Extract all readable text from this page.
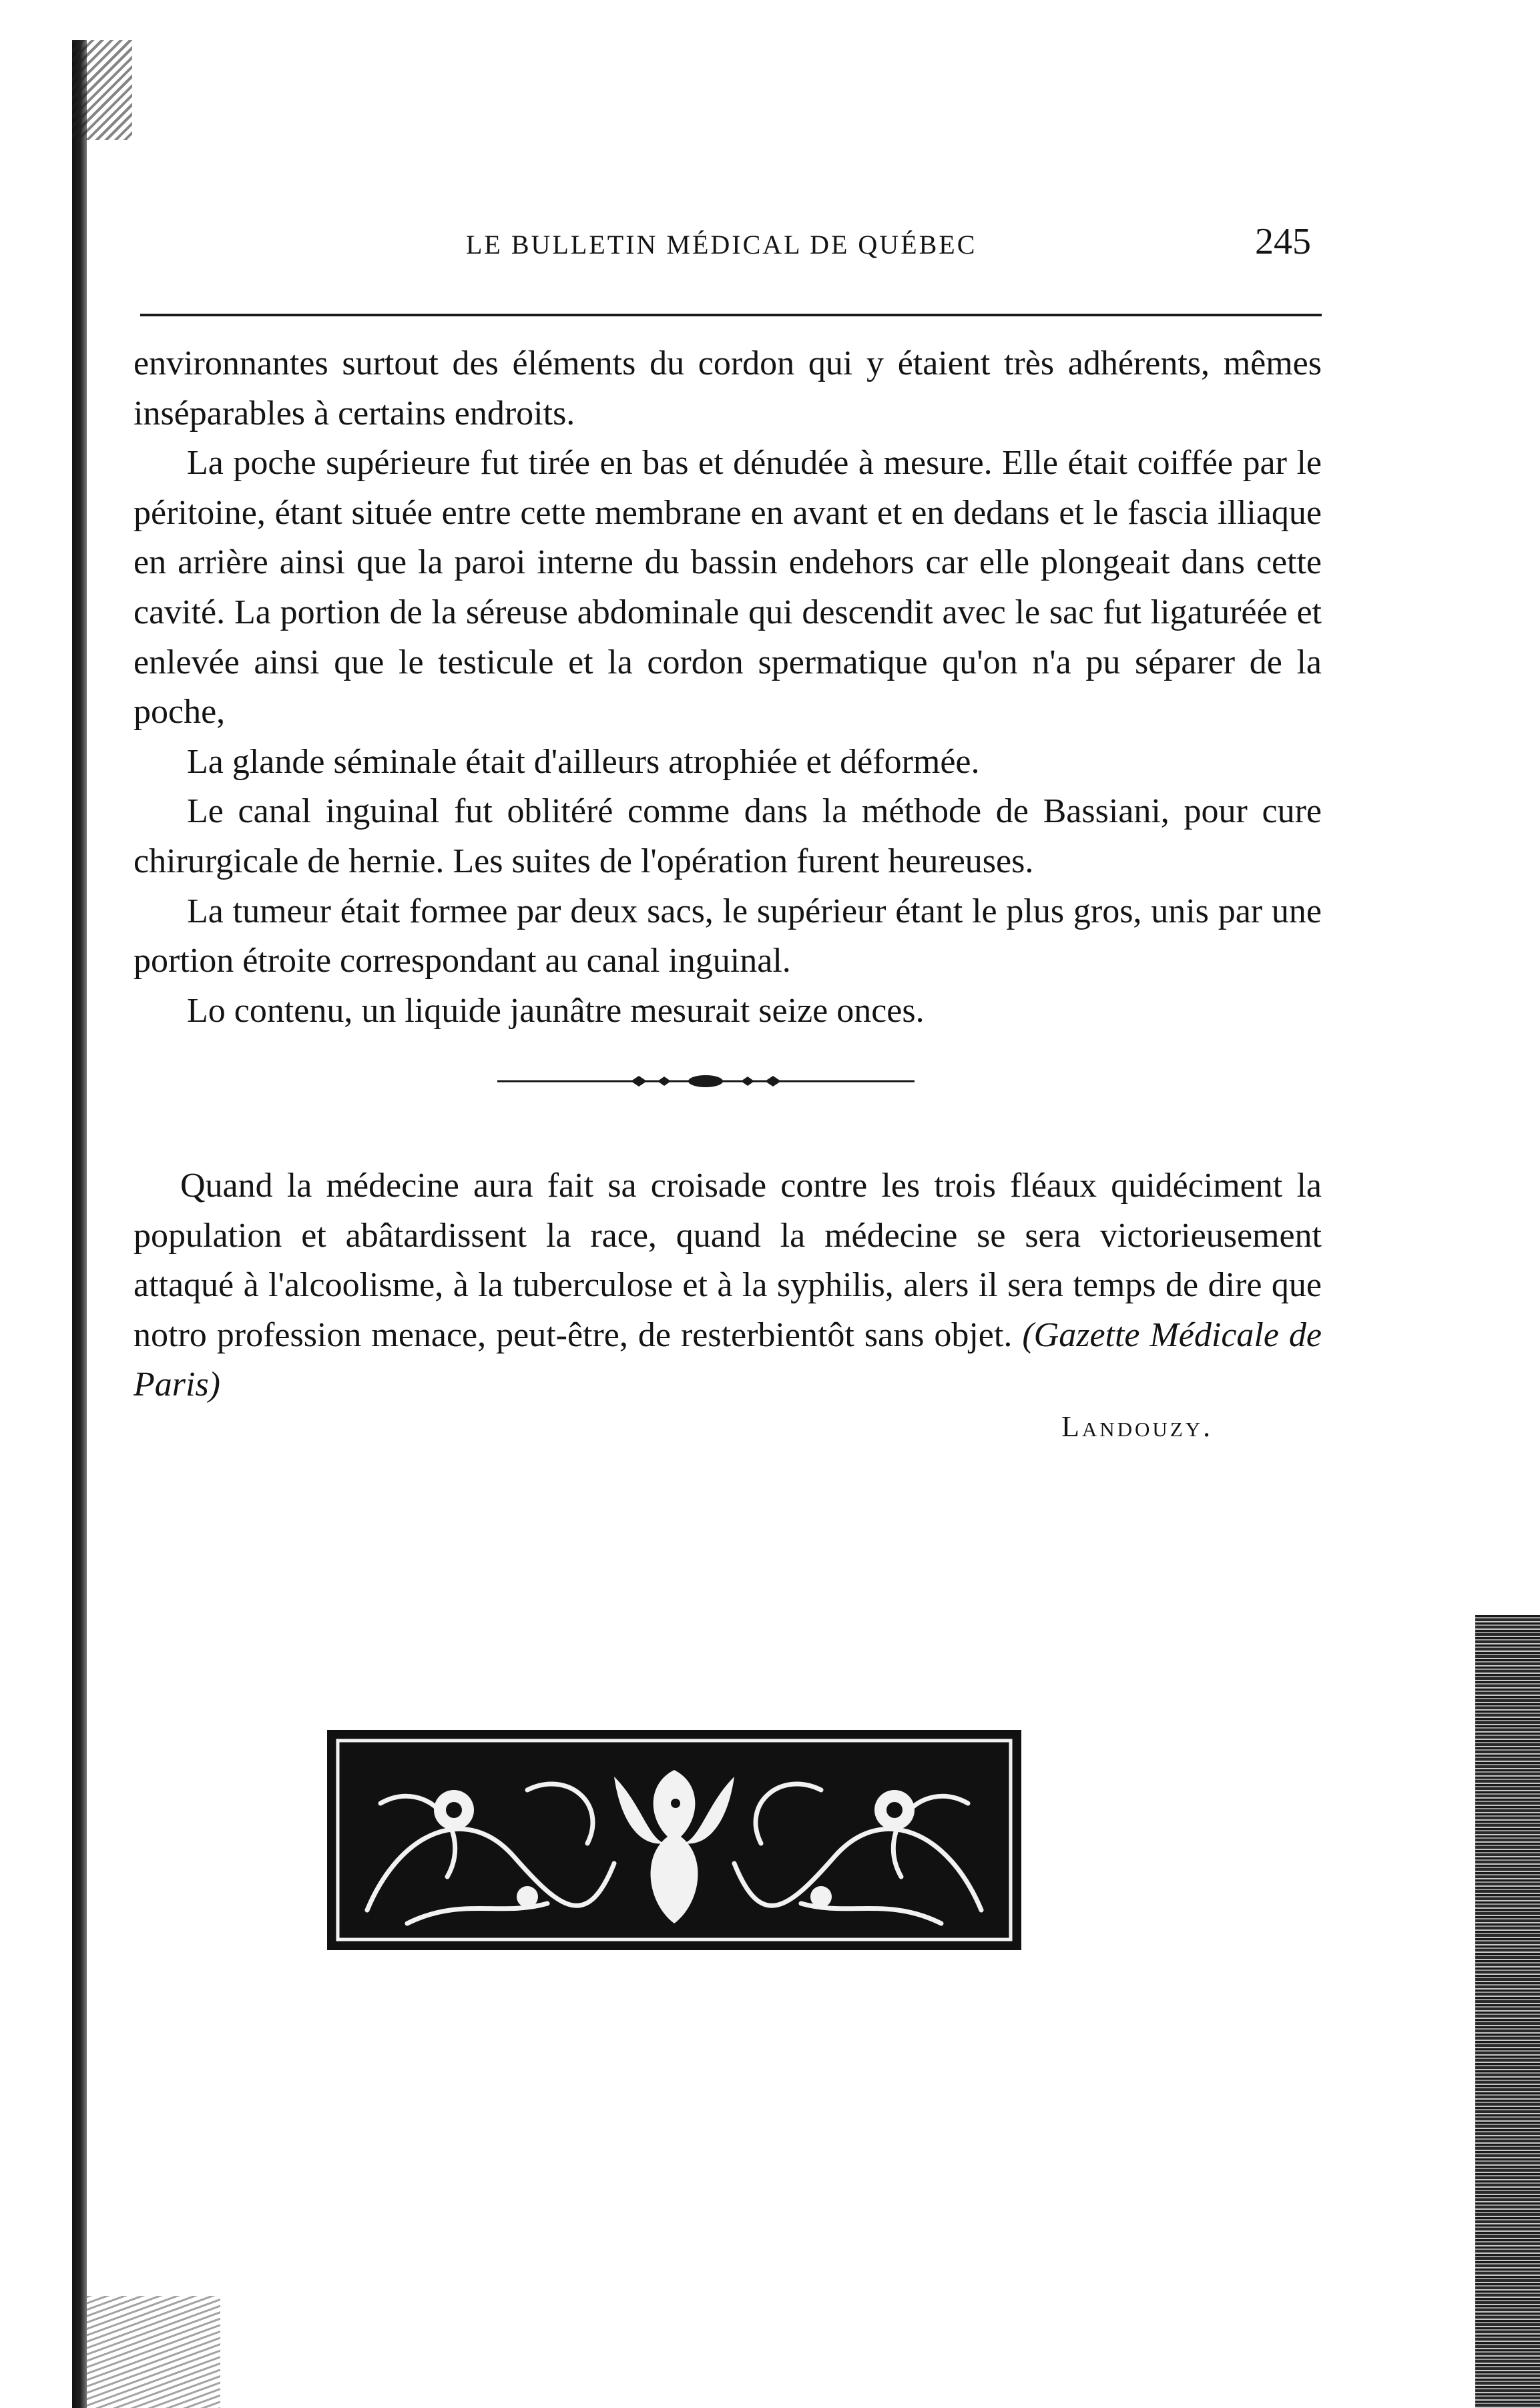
LE BULLETIN MÉDICAL DE QUÉBEC	245

environnantes surtout des éléments du cordon qui y étaient très adhérents, mêmes inséparables à certains endroits.

La poche supérieure fut tirée en bas et dénudée à mesure. Elle était coiffée par le péritoine, étant située entre cette membrane en avant et en dedans et le fascia illiaque en arrière ainsi que la paroi interne du bassin endehors car elle plongeait dans cette cavité. La portion de la séreuse abdominale qui descendit avec le sac fut ligaturéée et enlevée ainsi que le testicule et la cordon spermatique qu'on n'a pu séparer de la poche,

La glande séminale était d'ailleurs atrophiée et déformée.

Le canal inguinal fut oblitéré comme dans la méthode de Bassiani, pour cure chirurgicale de hernie. Les suites de l'opération furent heureuses.

La tumeur était formee par deux sacs, le supérieur étant le plus gros, unis par une portion étroite correspondant au canal inguinal.

Lo contenu, un liquide jaunâtre mesurait seize onces.

Quand la médecine aura fait sa croisade contre les trois fléaux quidéciment la population et abâtardissent la race, quand la médecine se sera victorieusement attaqué à l'alcoolisme, à la tuberculose et à la syphilis, alers il sera temps de dire que notro profession menace, peut-être, de resterbientôt sans objet. (Gazette Médicale de Paris)

Landouzy.
